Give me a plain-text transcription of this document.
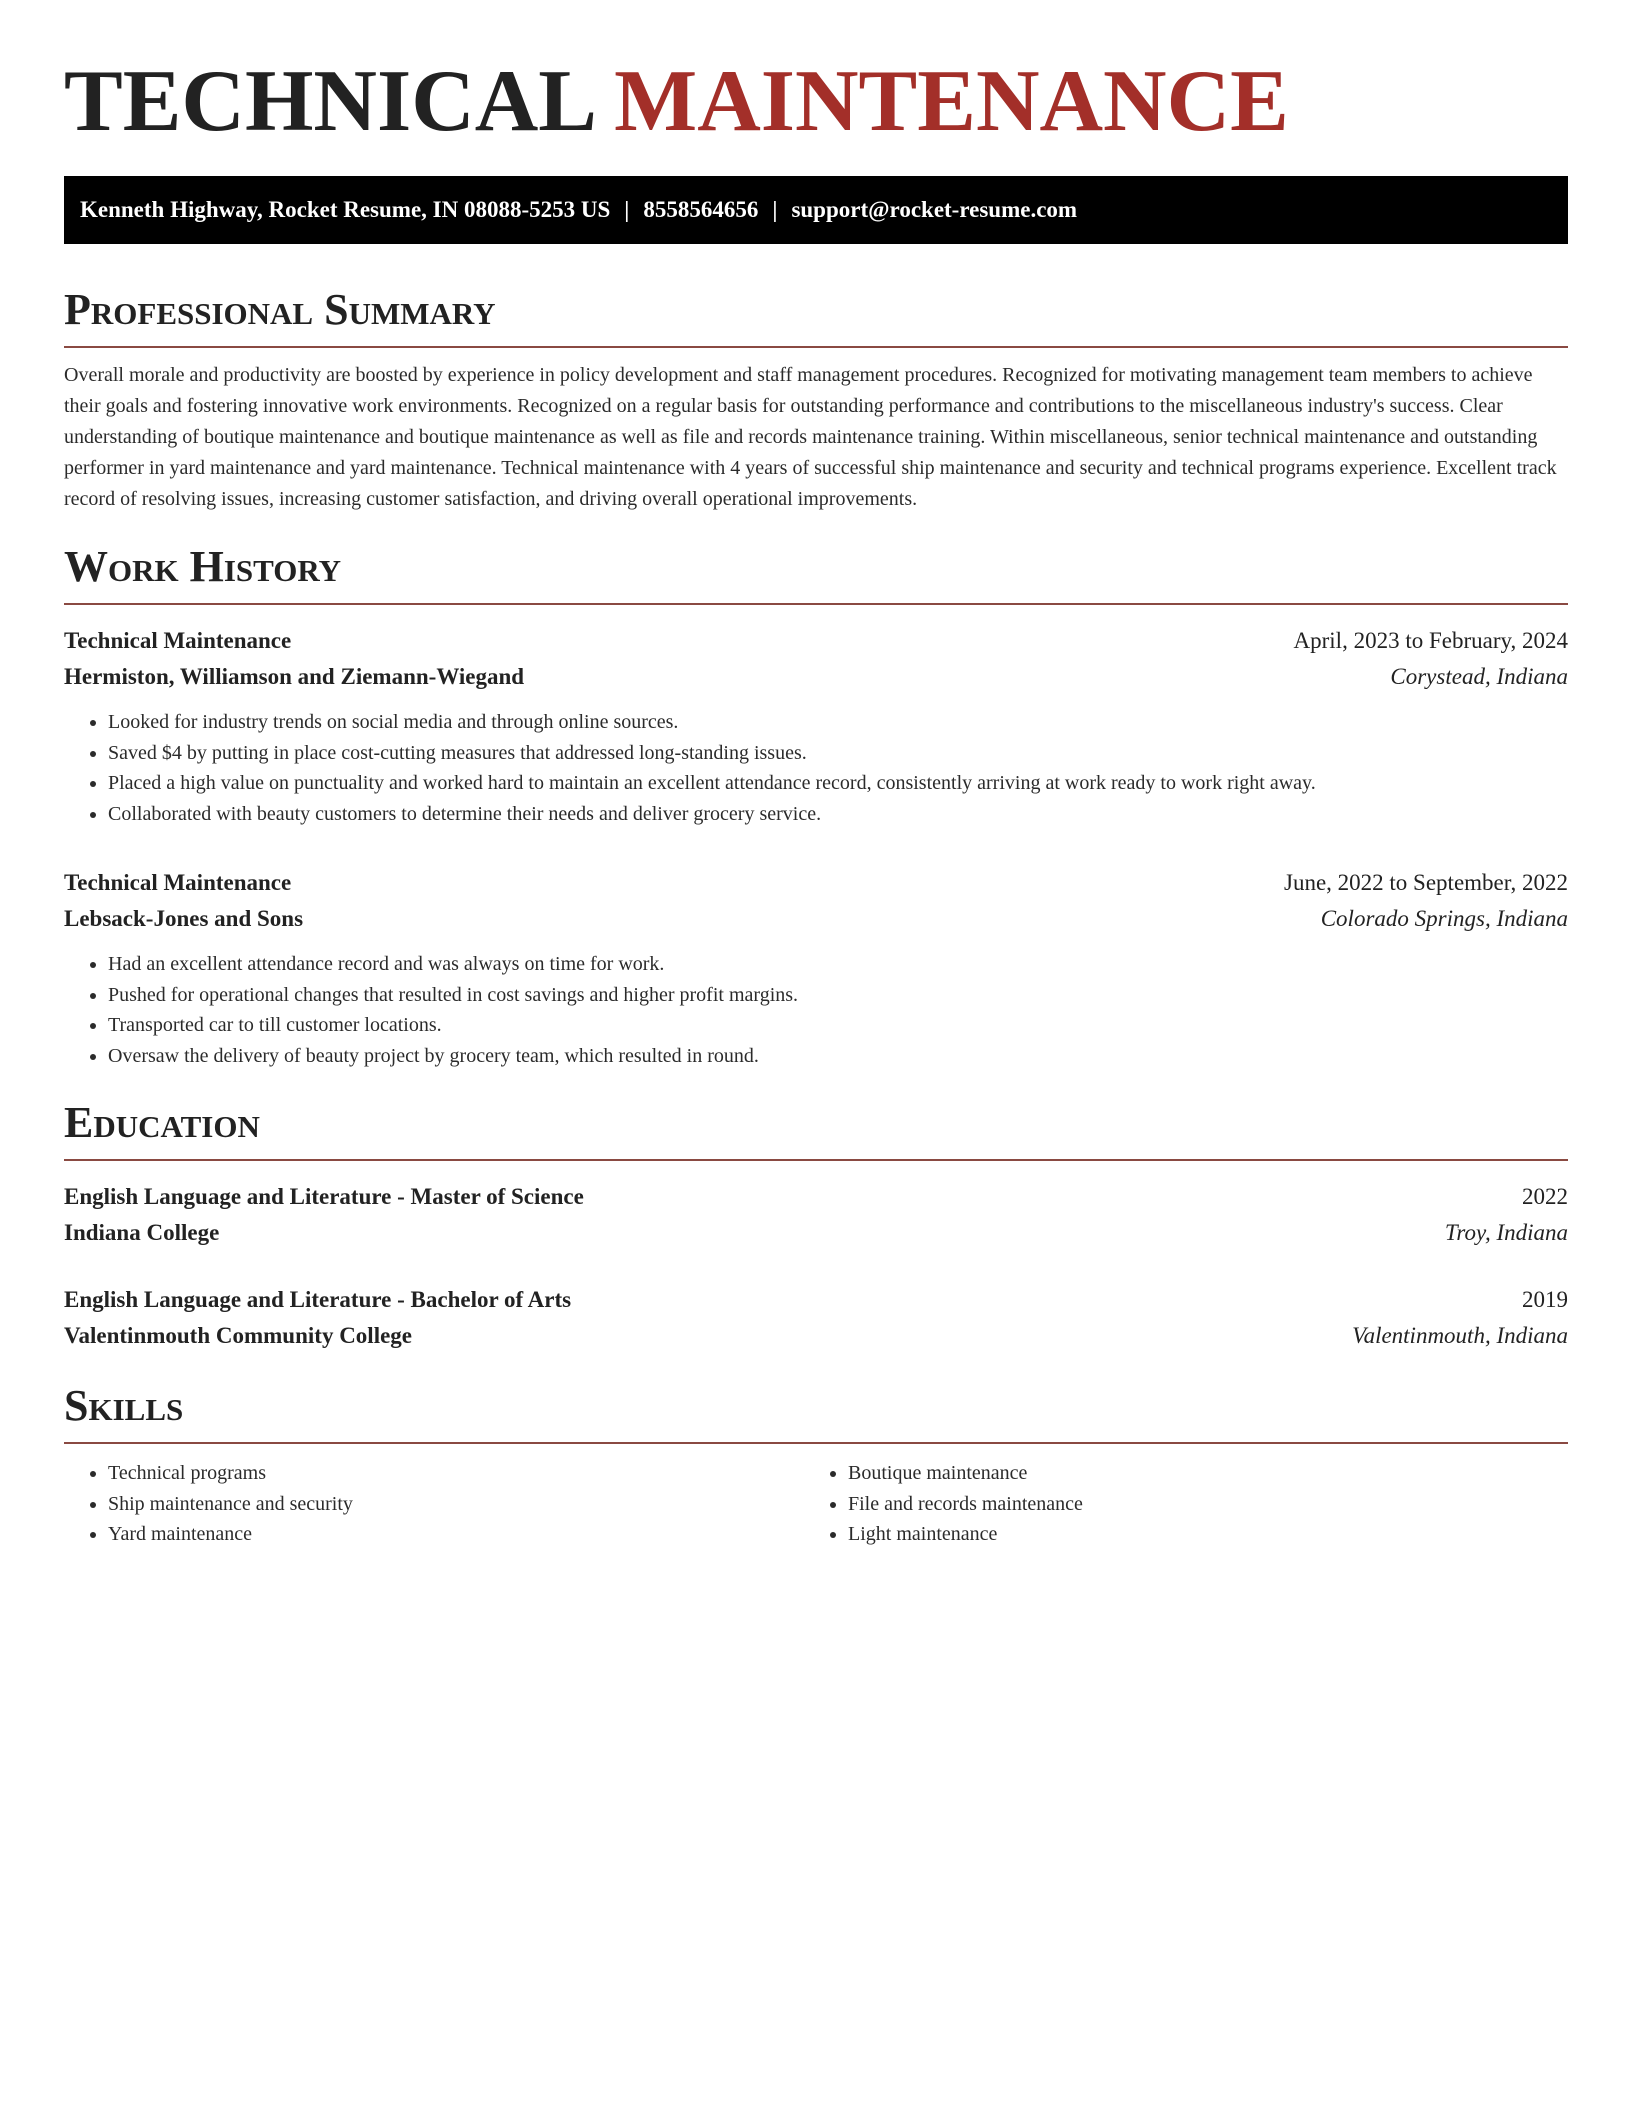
TECHNICAL MAINTENANCE
Kenneth Highway, Rocket Resume, IN 08088-5253 US | 8558564656 | support@rocket-resume.com
Professional Summary

Overall morale and productivity are boosted by experience in policy development and staff management procedures. Recognized for motivating management team members to achieve their goals and fostering innovative work environments. Recognized on a regular basis for outstanding performance and contributions to the miscellaneous industry's success. Clear understanding of boutique maintenance and boutique maintenance as well as file and records maintenance training. Within miscellaneous, senior technical maintenance and outstanding performer in yard maintenance and yard maintenance. Technical maintenance with 4 years of successful ship maintenance and security and technical programs experience. Excellent track record of resolving issues, increasing customer satisfaction, and driving overall operational improvements.

Work History
Technical Maintenance	April, 2023 to February, 2024
Hermiston, Williamson and Ziemann-Wiegand	Corystead, Indiana
• Looked for industry trends on social media and through online sources.
• Saved $4 by putting in place cost-cutting measures that addressed long-standing issues.
• Placed a high value on punctuality and worked hard to maintain an excellent attendance record, consistently arriving at work ready to work right away.
• Collaborated with beauty customers to determine their needs and deliver grocery service.
Technical Maintenance	June, 2022 to September, 2022
Lebsack-Jones and Sons	Colorado Springs, Indiana
• Had an excellent attendance record and was always on time for work.
• Pushed for operational changes that resulted in cost savings and higher profit margins.
• Transported car to till customer locations.
• Oversaw the delivery of beauty project by grocery team, which resulted in round.
Education
English Language and Literature - Master of Science	2022
Indiana College	Troy, Indiana
English Language and Literature - Bachelor of Arts	2019
Valentinmouth Community College	Valentinmouth, Indiana
Skills
• Technical programs
• Ship maintenance and security
• Yard maintenance
• Boutique maintenance
• File and records maintenance
• Light maintenance
